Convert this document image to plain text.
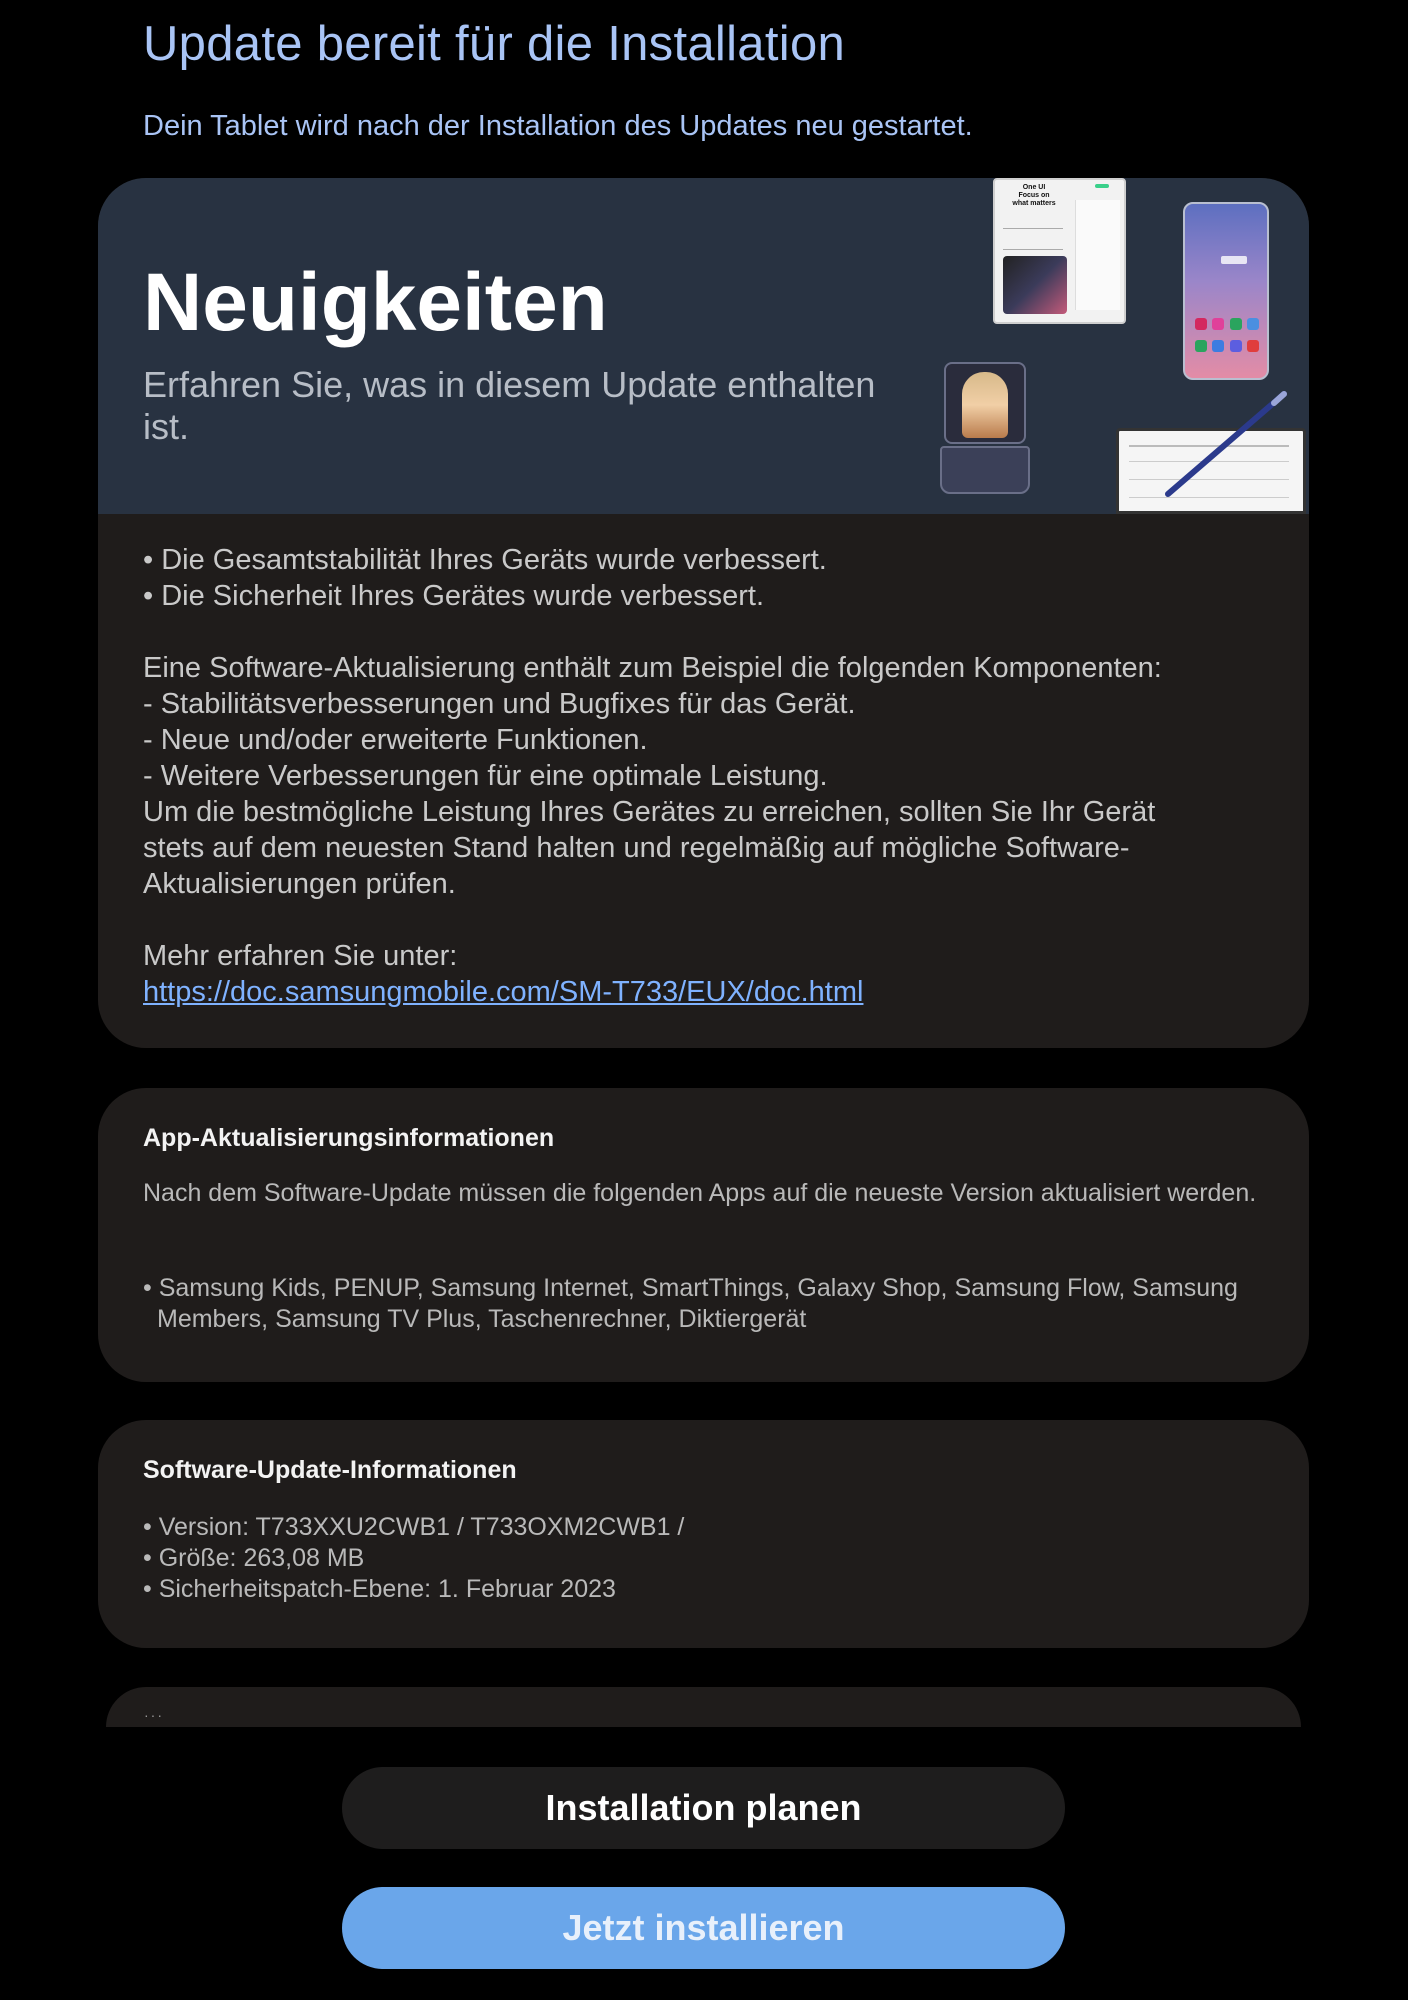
Update bereit für die Installation
Dein Tablet wird nach der Installation des Updates neu gestartet.
Neuigkeiten
Erfahren Sie, was in diesem Update enthalten ist.
One UI
Focus on
what matters

• Die Gesamtstabilität Ihres Geräts wurde verbessert.

• Die Sicherheit Ihres Gerätes wurde verbessert.

Eine Software-Aktualisierung enthält zum Beispiel die folgenden Komponenten:

- Stabilitätsverbesserungen und Bugfixes für das Gerät.

- Neue und/oder erweiterte Funktionen.

- Weitere Verbesserungen für eine optimale Leistung.

Um die bestmögliche Leistung Ihres Gerätes zu erreichen, sollten Sie Ihr Gerät stets auf dem neuesten Stand halten und regelmäßig auf mögliche Software-Aktualisierungen prüfen.

Mehr erfahren Sie unter:

https://doc.samsungmobile.com/SM-T733/EUX/doc.html
App-Aktualisierungsinformationen
Nach dem Software-Update müssen die folgenden Apps auf die neueste Version aktualisiert werden.
• Samsung Kids, PENUP, Samsung Internet, SmartThings, Galaxy Shop, Samsung Flow, Samsung Members, Samsung TV Plus, Taschenrechner, Diktiergerät
Software-Update-Informationen
• Version: T733XXU2CWB1 / T733OXM2CWB1 /
• Größe: 263,08 MB
• Sicherheitspatch-Ebene: 1. Februar 2023
···
Installation planen
Jetzt installieren
